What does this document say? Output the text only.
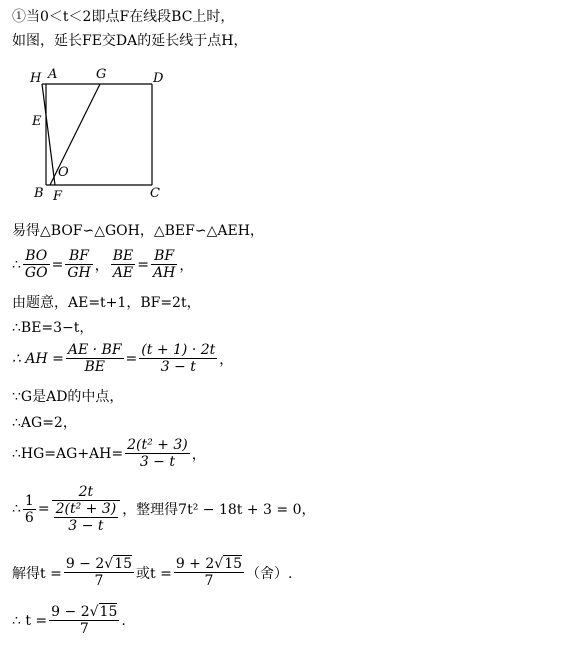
①当0＜t＜2即点F在线段BC上时，
如图，延长FE交DA的延长线于点H，
H A	G	D
E
O
B F	C
易得△BOF∽△GOH，△BEF∽△AEH，
∴ $\frac{BO}{GO} = \frac{BF}{GH}$ ， $\frac{BE}{AE} = \frac{BF}{AH}$ ，
由题意，AE=t+1，BF=2t，
∴BE=3−t，
∴ AH = $\frac{AE \cdot BF}{BE} = \frac{(t + 1) \cdot 2t}{3 - t}$ ，
∵G是AD的中点，
∴AG=2，
∴HG=AG+AH= $\frac{\text{2(t² + 3)}}{3 - t}$ ，
∴ $\frac{1}{6} = \frac{2t}{\frac{\text{2(t² + 3)}}{3 - t}}$ ，整理得7t² − 18t + 3 = 0，
解得$t = \frac{9 - 2√15}{7}$ 或$t = \frac{9 + 2√15}{7}$ （舍）.
∴ $t = \frac{9 - 2√15}{7}$ .
